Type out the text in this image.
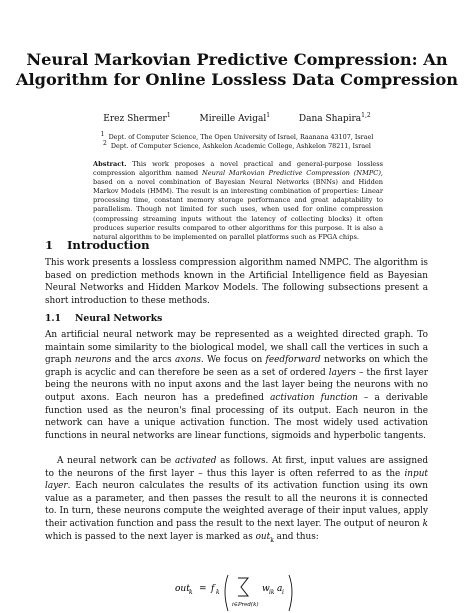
Neural Markovian Predictive Compression: An
Algorithm for Online Lossless Data Compression
Erez Shermer$^1$	Mireille Avigal$^1$	Dana Shapira$^{1,2}$
$^1$ Dept. of Computer Science, The Open University of Israel, Raanana 43107, Israel
$^2$ Dept. of Computer Science, Ashkelon Academic College, Ashkelon 78211, Israel
Abstract. This work proposes a novel practical and general-purpose lossless compression algorithm named Neural Markovian Predictive Compression (NMPC), based on a novel combination of Bayesian Neural Networks (BNNs) and Hidden Markov Models (HMM). The result is an interesting combination of properties: Linear processing time, constant memory storage performance and great adaptability to parallelism. Though not limited for such uses, when used for online compression (compressing streaming inputs without the latency of collecting blocks) it often produces superior results compared to other algorithms for this purpose. It is also a natural algorithm to be implemented on parallel platforms such as FPGA chips.
1 Introduction
This work presents a lossless compression algorithm named NMPC. The algorithm is based on prediction methods known in the Artificial Intelligence field as Bayesian Neural Networks and Hidden Markov Models. The following subsections present a short introduction to these methods.
1.1 Neural Networks
An artificial neural network may be represented as a weighted directed graph. To maintain some similarity to the biological model, we shall call the vertices in such a graph neurons and the arcs axons. We focus on feedforward networks on which the graph is acyclic and can therefore be seen as a set of ordered layers – the first layer being the neurons with no input axons and the last layer being the neurons with no output axons. Each neuron has a predefined activation function – a derivable function used as the neuron's final processing of its output. Each neuron in the network can have a unique activation function. The most widely used activation functions in neural networks are linear functions, sigmoids and hyperbolic tangents.
A neural network can be activated as follows. At first, input values are assigned to the neurons of the first layer – thus this layer is often referred to as the input layer. Each neuron calculates the results of its activation function using its own value as a parameter, and then passes the result to all the neurons it is connected to. In turn, these neurons compute the weighted average of their input values, apply their activation function and pass the result to the next layer. The output of neuron k which is passed to the next layer is marked as out$_k$ and thus:
out k = f k
i∈Pred(k)
w ik a i
